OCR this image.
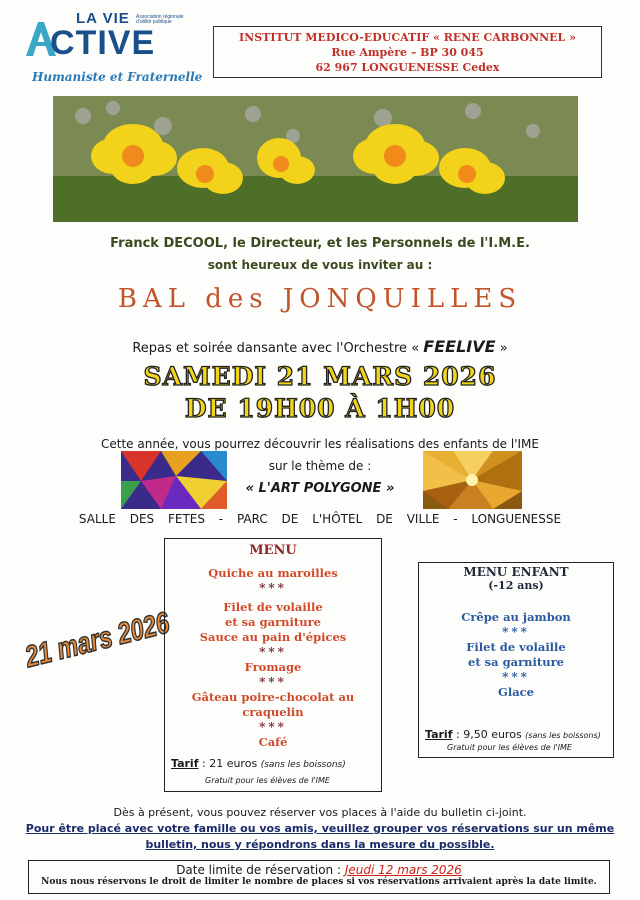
LA VIE
CTIVE
Association régionale d'utilité publique
Humaniste et Fraternelle
INSTITUT MEDICO-EDUCATIF « RENE CARBONNEL »
Rue Ampère – BP 30 045
62 967 LONGUENESSE Cedex
Franck DECOOL, le Directeur, et les Personnels de l'I.M.E.
sont heureux de vous inviter au :
BAL des JONQUILLES
Repas et soirée dansante avec l'Orchestre « FEELIVE »
SAMEDI 21 MARS 2026
DE 19H00 À 1H00
Cette année, vous pourrez découvrir les réalisations des enfants de l'IME
sur le thème de :
« L'ART POLYGONE »
SALLE DES FETES - PARC DE L'HÔTEL DE VILLE - LONGUENESSE
21 mars 2026
MENU
Quiche au maroilles
***
Filet de volaille
et sa garniture
Sauce au pain d'épices
***
Fromage
***
Gâteau poire-chocolat au craquelin
***
Café
Tarif : 21 euros (sans les boissons)
Gratuit pour les élèves de l'IME
MENU ENFANT
(-12 ans)
Crêpe au jambon
***
Filet de volaille
et sa garniture
***
Glace
Tarif : 9,50 euros (sans les boissons)
Gratuit pour les élèves de l'IME
Dès à présent, vous pouvez réserver vos places à l'aide du bulletin ci-joint.
Pour être placé avec votre famille ou vos amis, veuillez grouper vos réservations sur un même
bulletin, nous y répondrons dans la mesure du possible.
Date limite de réservation : Jeudi 12 mars 2026
Nous nous réservons le droit de limiter le nombre de places si vos réservations arrivaient après la date limite.
